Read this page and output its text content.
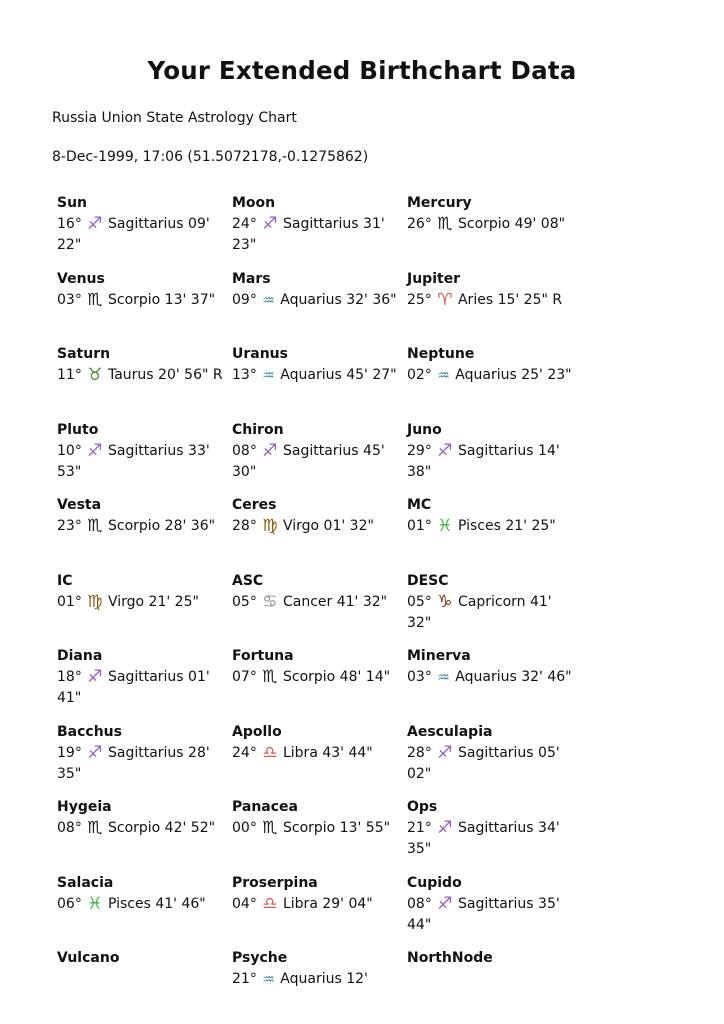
Your Extended Birthchart Data
Russia Union State Astrology Chart
8-Dec-1999, 17:06 (51.5072178,-0.1275862)
Sun
16° ♐ Sagittarius 09' 22"
Moon
24° ♐ Sagittarius 31' 23"
Mercury
26° ♏ Scorpio 49' 08"
Venus
03° ♏ Scorpio 13' 37"
Mars
09° ♒ Aquarius 32' 36"
Jupiter
25° ♈ Aries 15' 25" R
Saturn
11° ♉ Taurus 20' 56" R
Uranus
13° ♒ Aquarius 45' 27"
Neptune
02° ♒ Aquarius 25' 23"
Pluto
10° ♐ Sagittarius 33' 53"
Chiron
08° ♐ Sagittarius 45' 30"
Juno
29° ♐ Sagittarius 14' 38"
Vesta
23° ♏ Scorpio 28' 36"
Ceres
28° ♍ Virgo 01' 32"
MC
01° ♓ Pisces 21' 25"
IC
01° ♍ Virgo 21' 25"
ASC
05° ♋ Cancer 41' 32"
DESC
05° ♑ Capricorn 41' 32"
Diana
18° ♐ Sagittarius 01' 41"
Fortuna
07° ♏ Scorpio 48' 14"
Minerva
03° ♒ Aquarius 32' 46"
Bacchus
19° ♐ Sagittarius 28' 35"
Apollo
24° ♎ Libra 43' 44"
Aesculapia
28° ♐ Sagittarius 05' 02"
Hygeia
08° ♏ Scorpio 42' 52"
Panacea
00° ♏ Scorpio 13' 55"
Ops
21° ♐ Sagittarius 34' 35"
Salacia
06° ♓ Pisces 41' 46"
Proserpina
04° ♎ Libra 29' 04"
Cupido
08° ♐ Sagittarius 35' 44"
Vulcano	Psyche
21° ♒ Aquarius 12'
NorthNode
